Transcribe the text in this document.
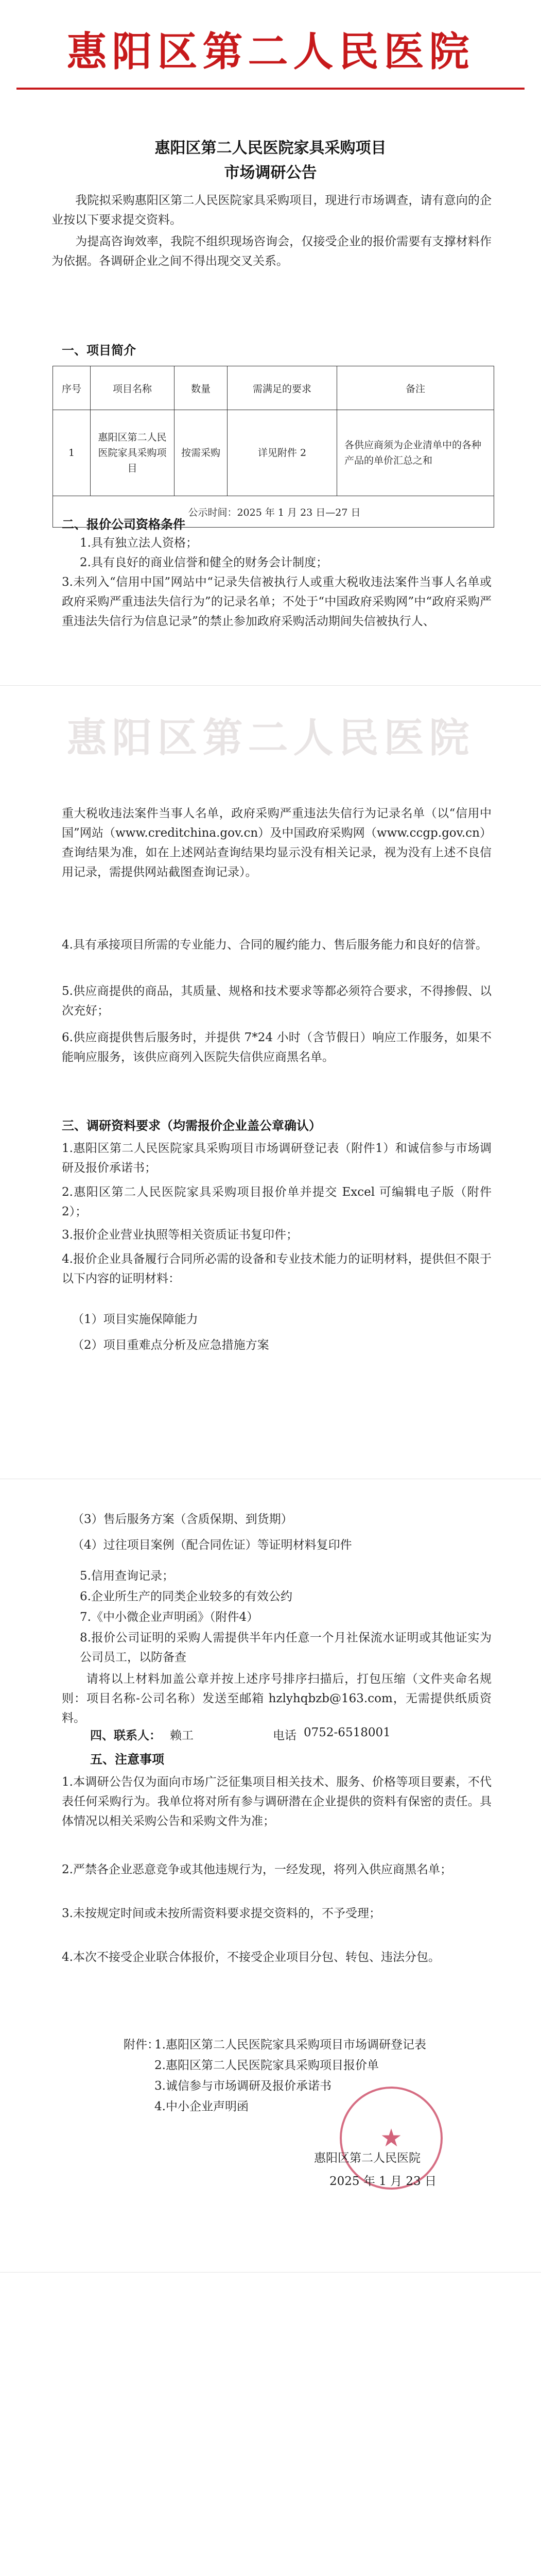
惠阳区第二人民医院
惠阳区第二人民医院家具采购项目
市场调研公告
　　我院拟采购惠阳区第二人民医院家具采购项目，现进行市场调查，请有意向的企业按以下要求提交资料。
　　为提高咨询效率，我院不组织现场咨询会，仅接受企业的报价需要有支撑材料作为依据。各调研企业之间不得出现交叉关系。
一、项目简介
序号	项目名称	数量	需满足的要求	备注
1	惠阳区第二人民医院家具采购项目	按需采购	详见附件 2	各供应商须为企业清单中的各种产品的单价汇总之和
公示时间：2025 年 1 月 23 日—27 日				
二、报价公司资格条件
1.具有独立法人资格；
2.具有良好的商业信誉和健全的财务会计制度；
3.未列入“信用中国”网站中“记录失信被执行人或重大税收违法案件当事人名单或政府采购严重违法失信行为”的记录名单；不处于“中国政府采购网”中“政府采购严重违法失信行为信息记录”的禁止参加政府采购活动期间失信被执行人、
惠阳区第二人民医院
重大税收违法案件当事人名单，政府采购严重违法失信行为记录名单（以“信用中国”网站（www.creditchina.gov.cn）及中国政府采购网（www.ccgp.gov.cn）查询结果为准，如在上述网站查询结果均显示没有相关记录，视为没有上述不良信用记录，需提供网站截图查询记录）。
4.具有承接项目所需的专业能力、合同的履约能力、售后服务能力和良好的信誉。
5.供应商提供的商品，其质量、规格和技术要求等都必须符合要求，不得掺假、以次充好；
6.供应商提供售后服务时，并提供 7*24 小时（含节假日）响应工作服务，如果不能响应服务，该供应商列入医院失信供应商黑名单。
三、调研资料要求（均需报价企业盖公章确认）
1.惠阳区第二人民医院家具采购项目市场调研登记表（附件1）和诚信参与市场调研及报价承诺书；
2.惠阳区第二人民医院家具采购项目报价单并提交 Excel 可编辑电子版（附件2）；
3.报价企业营业执照等相关资质证书复印件；
4.报价企业具备履行合同所必需的设备和专业技术能力的证明材料，提供但不限于以下内容的证明材料：
（1）项目实施保障能力
（2）项目重难点分析及应急措施方案
（3）售后服务方案（含质保期、到货期）
（4）过往项目案例（配合同佐证）等证明材料复印件
5.信用查询记录；
6.企业所生产的同类企业较多的有效公约
7.《中小微企业声明函》（附件4）
8.报价公司证明的采购人需提供半年内任意一个月社保流水证明或其他证实为公司员工，以防备查
　　请将以上材料加盖公章并按上述序号排序扫描后，打包压缩（文件夹命名规则：项目名称-公司名称）发送至邮箱 hzlyhqbzb@163.com，无需提供纸质资料。
四、联系人： 赖工	电话 0752-6518001
五、注意事项
1.本调研公告仅为面向市场广泛征集项目相关技术、服务、价格等项目要素，不代表任何采购行为。我单位将对所有参与调研潜在企业提供的资料有保密的责任。具体情况以相关采购公告和采购文件为准；
2.严禁各企业恶意竞争或其他违规行为，一经发现，将列入供应商黑名单；
3.未按规定时间或未按所需资料要求提交资料的，不予受理；
4.本次不接受企业联合体报价，不接受企业项目分包、转包、违法分包。
附件：
1.惠阳区第二人民医院家具采购项目市场调研登记表
2.惠阳区第二人民医院家具采购项目报价单
3.诚信参与市场调研及报价承诺书
4.中小企业声明函
★
惠阳区第二人民医院
2025 年 1 月 23 日
